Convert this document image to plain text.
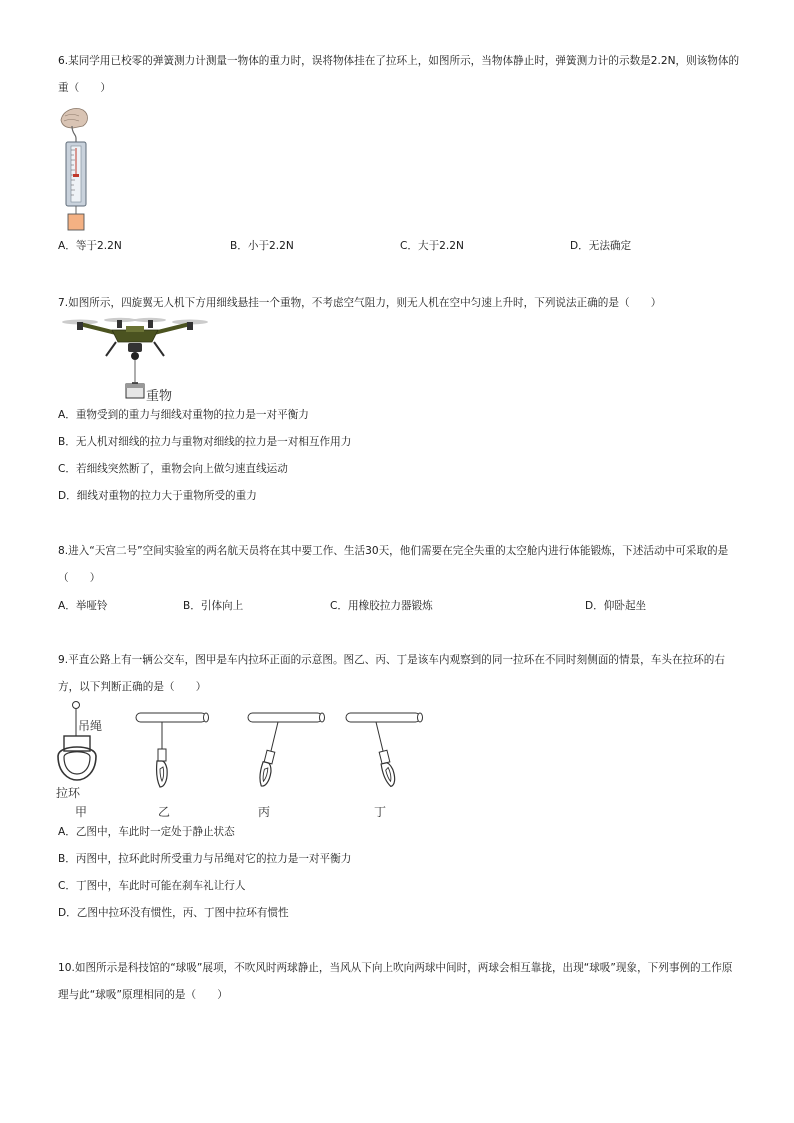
6.某同学用已校零的弹簧测力计测量一物体的重力时，误将物体挂在了拉环上，如图所示，当物体静止时，弹簧测力计的示数是2.2N，则该物体的重（　　）

A．等于2.2N	B．小于2.2N	C．大于2.2N	D．无法确定

7.如图所示，四旋翼无人机下方用细线悬挂一个重物，不考虑空气阻力，则无人机在空中匀速上升时，下列说法正确的是（　　）

重物
A．重物受到的重力与细线对重物的拉力是一对平衡力
B．无人机对细线的拉力与重物对细线的拉力是一对相互作用力
C．若细线突然断了，重物会向上做匀速直线运动
D．细线对重物的拉力大于重物所受的重力

8.进入“天宫二号”空间实验室的两名航天员将在其中要工作、生活30天，他们需要在完全失重的太空舱内进行体能锻炼，下述活动中可采取的是（　　）

A．举哑铃	B．引体向上	C．用橡胶拉力器锻炼	D．仰卧起坐

9.平直公路上有一辆公交车，图甲是车内拉环正面的示意图。图乙、丙、丁是该车内观察到的同一拉环在不同时刻侧面的情景，车头在拉环的右方，以下判断正确的是（　　）

吊绳
拉环
甲	乙	丙	丁
A．乙图中，车此时一定处于静止状态
B．丙图中，拉环此时所受重力与吊绳对它的拉力是一对平衡力
C．丁图中，车此时可能在刹车礼让行人
D．乙图中拉环没有惯性，丙、丁图中拉环有惯性

10.如图所示是科技馆的“球吸”展项，不吹风时两球静止，当风从下向上吹向两球中间时，两球会相互靠拢，出现“球吸”现象，下列事例的工作原理与此“球吸”原理相同的是（　　）
